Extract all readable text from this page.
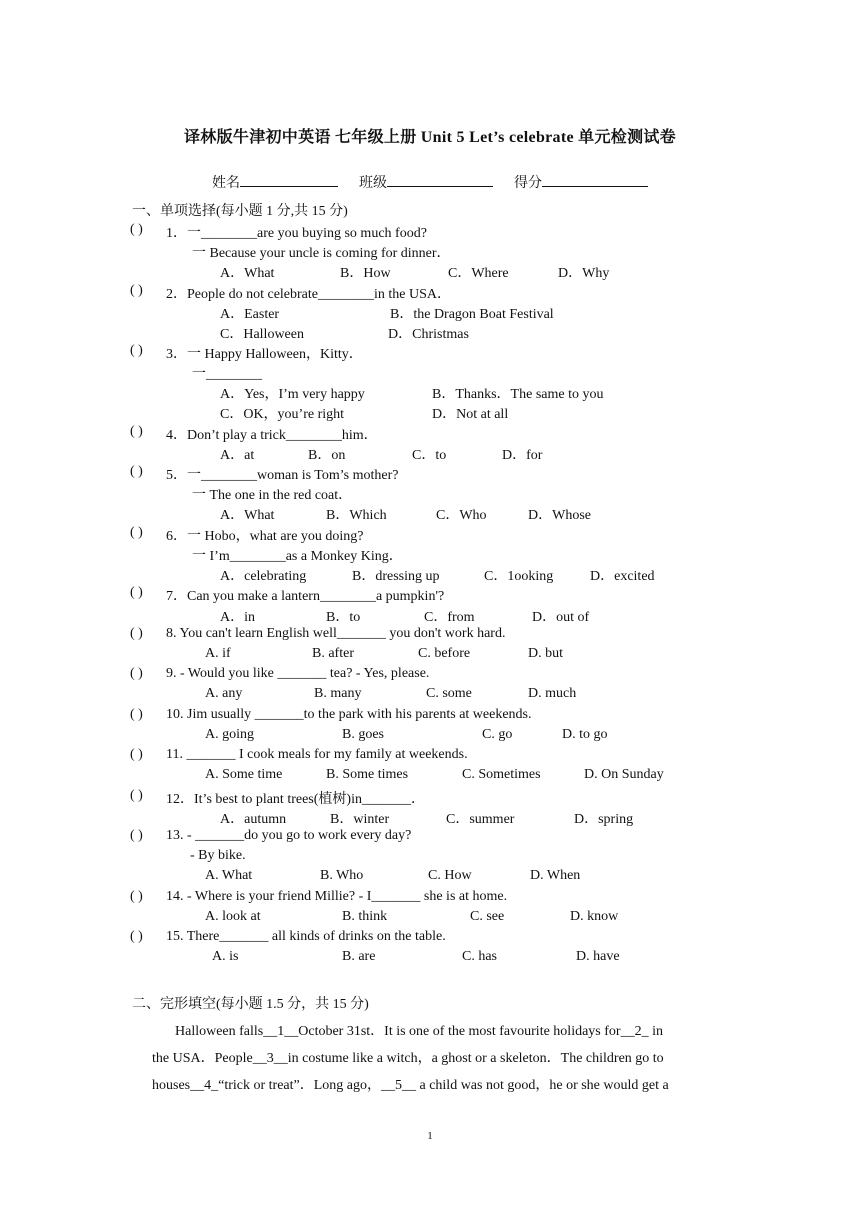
译林版牛津初中英语 七年级上册 Unit 5 Let’s celebrate 单元检测试卷
姓名	班级	得分
一、单项选择(每小题 1 分,共 15 分)
( ) 1．一________are you buying so much food?
一 Because your uncle is coming for dinner．
A．What	B．How	C．Where	D．Why
( ) 2．People do not celebrate________in the USA．
A．Easter	B．the Dragon Boat Festival
C．Halloween	D．Christmas
( ) 3．一 Happy Halloween，Kitty．
一________
A．Yes，I’m very happy	B．Thanks．The same to you
C．OK，you’re right	D．Not at all
( ) 4．Don’t play a trick________him．
A．at	B．on	C．to	D．for
( ) 5．一________woman is Tom’s mother?
一 The one in the red coat．
A．What	B．Which	C．Who	D．Whose
( ) 6．一 Hobo，what are you doing?
一 I’m________as a Monkey King．
A．celebrating	B．dressing up	C．1ooking	D．excited
( ) 7．Can you make a lantern________a pumpkin'?
A．in	B．to	C．from	D．out of
( ) 8. You can't learn English well_______ you don't work hard.
A. if	B. after	C. before	D. but
( ) 9. - Would you like _______ tea? - Yes, please.
A. any	B. many	C. some	D. much
( ) 10. Jim usually _______to the park with his parents at weekends.
A. going	B. goes	C. go	D. to go
( ) 11. _______ I cook meals for my family at weekends.
A. Some time	B. Some times	C. Sometimes	D. On Sunday
( ) 12．It’s best to plant trees(植树)in_______．
A．autumn	B．winter	C．summer	D．spring
( ) 13. - _______do you go to work every day?
- By bike.
A. What	B. Who	C. How	D. When
( ) 14. - Where is your friend Millie? - I_______ she is at home.
A. look at	B. think	C. see	D. know
( ) 15. There_______ all kinds of drinks on the table.
A. is	B. are	C. has	D. have
二、完形填空(每小题 1.5 分，共 15 分)
Halloween falls__1__October 31st．It is one of the most favourite holidays for__2_ in
the USA．People__3__in costume like a witch，a ghost or a skeleton．The children go to
houses__4_“trick or treat”．Long ago，__5__ a child was not good，he or she would get a
1
